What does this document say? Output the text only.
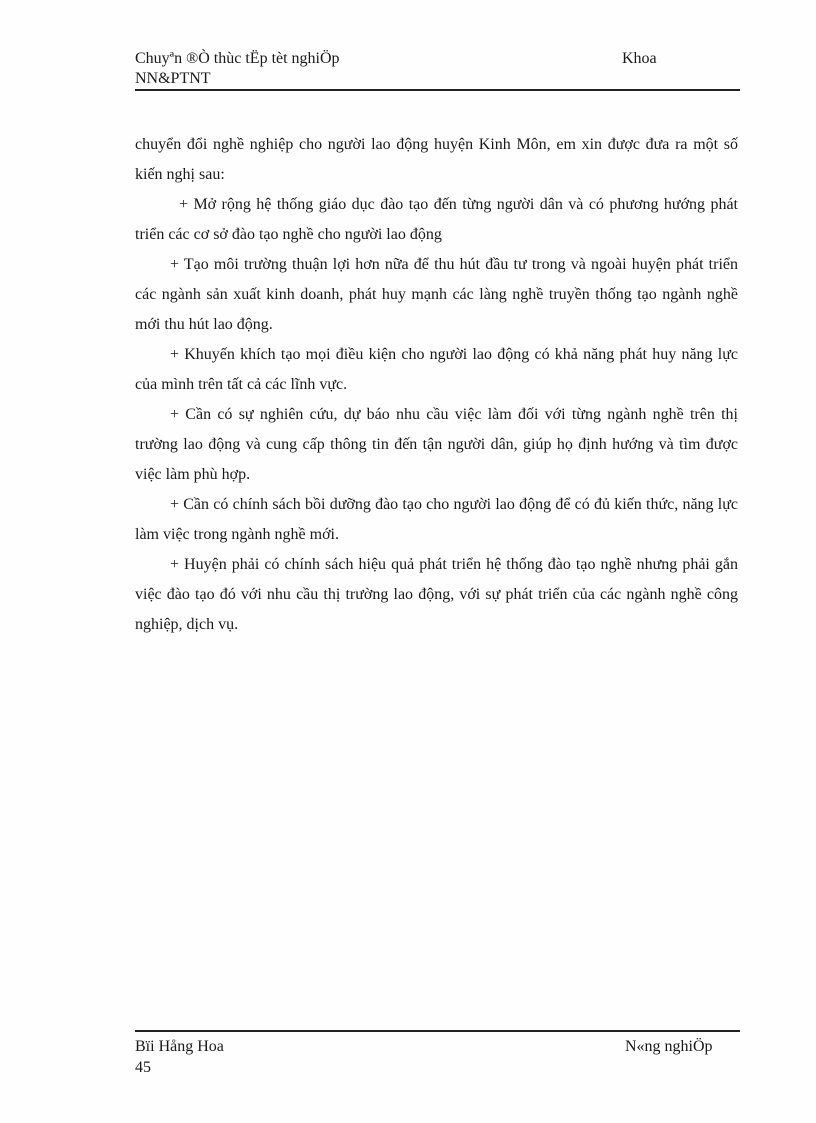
Chuyªn ®Ò thùc tËp tèt nghiÖp	Khoa
NN&PTNT

chuyển đổi nghề nghiệp cho người lao động huyện Kinh Môn, em xin được đưa ra một số kiến nghị sau:

+ Mở rộng hệ thống giáo dục đào tạo đến từng người dân và có phương hướng phát triển các cơ sở đào tạo nghề cho người lao động

+ Tạo môi trường thuận lợi hơn nữa để thu hút đầu tư trong và ngoài huyện phát triển các ngành sản xuất kinh doanh, phát huy mạnh các làng nghề truyền thống tạo ngành nghề mới thu hút lao động.

+ Khuyến khích tạo mọi điều kiện cho người lao động có khả năng phát huy năng lực của mình trên tất cả các lĩnh vực.

+ Cần có sự nghiên cứu, dự báo nhu cầu việc làm đối với từng ngành nghề trên thị trường lao động và cung cấp thông tin đến tận người dân, giúp họ định hướng và tìm được việc làm phù hợp.

+ Cần có chính sách bồi dưỡng đào tạo cho người lao động để có đủ kiến thức, năng lực làm việc trong ngành nghề mới.

+ Huyện phải có chính sách hiệu quả phát triển hệ thống đào tạo nghề nhưng phải gắn việc đào tạo đó với nhu cầu thị trường lao động, với sự phát triển của các ngành nghề công nghiệp, dịch vụ.

Bïi Hång Hoa	N«ng nghiÖp
45
